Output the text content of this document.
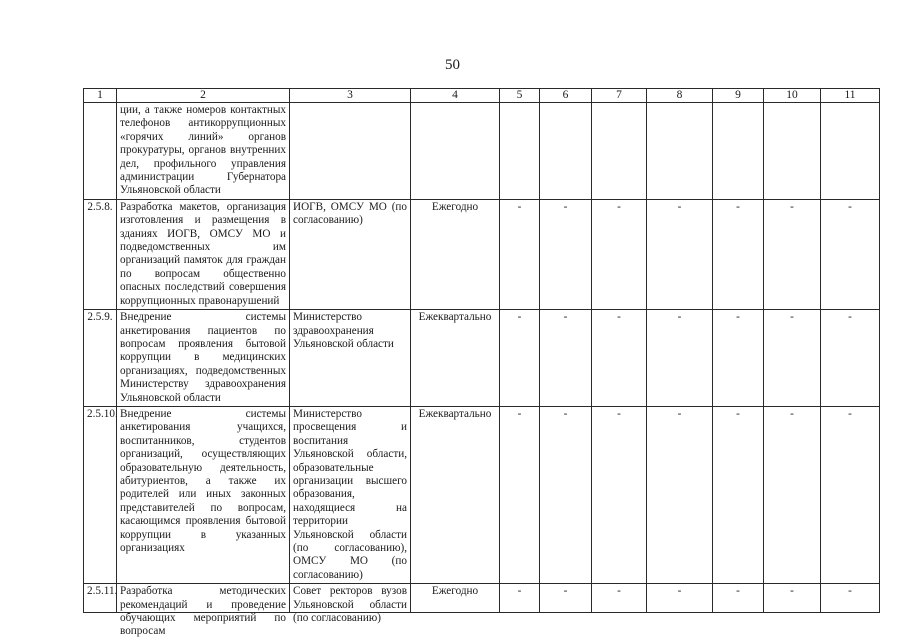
50
1	2	3	4	5	6	7	8	9	10	11
	ции, а также номеров контактных телефонов антикоррупционных «горячих линий» органов прокуратуры, органов внутренних дел, профильного управления администрации Губернатора Ульяновской области									
2.5.8.	Разработка макетов, организация изготовления и размещения в зданиях ИОГВ, ОМСУ МО и подведомственных им организаций памяток для граждан по вопросам общественно опасных последствий совершения коррупционных правонарушений	ИОГВ, ОМСУ МО (по согласованию)	Ежегодно	-	-	-	-	-	-	-
2.5.9.	Внедрение системы анкетирования пациентов по вопросам проявления бытовой коррупции в медицинских организациях, подведомственных Министерству здравоохранения Ульяновской области	Министерство здравоохранения Ульяновской области	Ежеквартально	-	-	-	-	-	-	-
2.5.10.	Внедрение системы анкетирования учащихся, воспитанников, студентов организаций, осуществляющих образовательную деятельность, абитуриентов, а также их родителей или иных законных представителей по вопросам, касающимся проявления бытовой коррупции в указанных организациях	Министерство просвещения и воспитания Ульяновской области, образовательные организации высшего образования, находящиеся на территории Ульяновской области (по согласованию), ОМСУ МО (по согласованию)	Ежеквартально	-	-	-	-	-	-	-

2.5.11.	Разработка методических рекомендаций и проведение обучающих мероприятий по вопросам	Совет ректоров вузов Ульяновской области (по согласованию)	Ежегодно	-	-	-	-	-	-	-
